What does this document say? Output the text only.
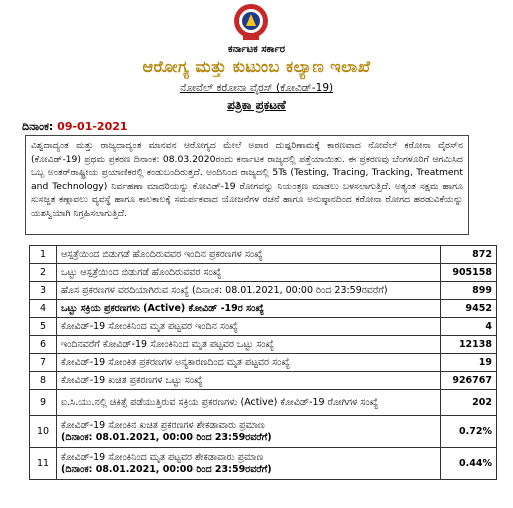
ಕರ್ನಾಟಕ ಸರ್ಕಾರ
ಆರೋಗ್ಯ ಮತ್ತು ಕುಟುಂಬ ಕಲ್ಯಾಣ ಇಲಾಖೆ
ನೋವೆಲ್ ಕರೋನಾ ವೈರಸ್ (ಕೋವಿಡ್-19)
ಪತ್ರಿಕಾ ಪ್ರಕಟಣೆ
ದಿನಾಂಕ: 09-01-2021
ವಿಶ್ವದಾದ್ಯಂತ ಮತ್ತು ರಾಜ್ಯದಾದ್ಯಂತ ಮಾನವನ ಆರೋಗ್ಯದ ಮೇಲೆ ಅಪಾರ ದುಷ್ಪರಿಣಾಮಕ್ಕೆ ಕಾರಣವಾದ ನೋವೆಲ್ ಕರೋನಾ ವೈರಸ್‌ನ (ಕೋವಿಡ್-19) ಪ್ರಥಮ ಪ್ರಕರಣ ದಿನಾಂಕ: 08.03.2020ರಂದು ಕರ್ನಾಟಕ ರಾಜ್ಯದಲ್ಲಿ ಪತ್ತೆಯಾಯಿತು. ಈ ಪ್ರಕರಣವು ಬೆಂಗಳೂರಿಗೆ ಆಗಮಿಸಿದ ಒಬ್ಬ ಅಂತರ್‌ರಾಷ್ಟ್ರೀಯ ಪ್ರಯಾಣಿಕರಲ್ಲಿ ಕಂಡುಬಂದಿರುತ್ತದೆ. ಅಂದಿನಿಂದ ರಾಜ್ಯದಲ್ಲಿ 5Ts (Testing, Tracing, Tracking, Treatment and Technology) ನಿರ್ವಹಣಾ ಮಾದರಿಯನ್ನು ಕೋವಿಡ್-19 ರೋಗವನ್ನು ನಿಯಂತ್ರಣ ಮಾಡಲು ಬಳಸಲಾಗುತ್ತಿದೆ. ಅತ್ಯಂತ ಸಕ್ಷಮ ಹಾಗೂ ಸುಸಜ್ಜತ ಕಣ್ಗಾವಲು ವ್ಯವಸ್ಥೆ ಹಾಗೂ ಕಾಲಕಾಲಕ್ಕೆ ಸಮರ್ಪಕವಾದ ಯೋಜನೆಗಳ ರಚನೆ ಹಾಗೂ ಅನುಷ್ಠಾನದಿಂದ ಕರೋನಾ ರೋಗದ ಹರಡುವಿಕೆಯನ್ನು ಯಶಸ್ವಿಯಾಗಿ ನಿಗ್ರಹಿಸಲಾಗುತ್ತಿದೆ.
1	ಆಸ್ಪತ್ರೆಯಿಂದ ಬಿಡುಗಡೆ ಹೊಂದಿರುವವರ ಇಂದಿನ ಪ್ರಕರಣಗಳ ಸಂಖ್ಯೆ	872
2	ಒಟ್ಟು ಆಸ್ಪತ್ರೆಯಿಂದ ಬಿಡುಗಡೆ ಹೊಂದಿರುವವರ ಸಂಖ್ಯೆ	905158
3	ಹೊಸ ಪ್ರಕರಣಗಳ ವರದಿಯಾಗಿರುವ ಸಂಖ್ಯೆ (ದಿನಾಂಕ: 08.01.2021, 00:00 ರಿಂದ 23:59ರವರೆಗೆ)	899
4	ಒಟ್ಟು ಸಕ್ರಿಯ ಪ್ರಕರಣಗಳು (Active) ಕೋವಿಡ್ -19ರ ಸಂಖ್ಯೆ	9452
5	ಕೋವಿಡ್-19 ಸೋಂಕಿನಿಂದ ಮೃತ ಪಟ್ಟವರ ಇಂದಿನ ಸಂಖ್ಯೆ	4
6	ಇಂದಿನವರೆಗೆ ಕೋವಿಡ್-19 ಸೋಂಕಿನಿಂದ ಮೃತ ಪಟ್ಟವರ ಒಟ್ಟು ಸಂಖ್ಯೆ	12138
7	ಕೋವಿಡ್-19 ಸೋಂಕಿತ ಪ್ರಕರಣಗಳ ಅನ್ಯಕಾರಣದಿಂದ ಮೃತ ಪಟ್ಟವರ ಸಂಖ್ಯೆ	19
8	ಕೋವಿಡ್-19 ಖಚಿತ ಪ್ರಕರಣಗಳ ಒಟ್ಟು ಸಂಖ್ಯೆ	926767
9	ಐ.ಸಿ.ಯು.ನಲ್ಲಿ ಚಿಕಿತ್ಸೆ ಪಡೆಯುತ್ತಿರುವ ಸಕ್ರಿಯ ಪ್ರಕರಣಗಳು (Active) ಕೋವಿಡ್-19 ರೋಗಿಗಳ ಸಂಖ್ಯೆ	202
10	ಕೋವಿಡ್-19 ಸೋಂಕಿನ ಖಚಿತ ಪ್ರಕರಣಗಳ ಶೇಕಡಾವಾರು ಪ್ರಮಾಣ
(ದಿನಾಂಕ: 08.01.2021, 00:00 ರಿಂದ 23:59ರವರೆಗೆ)	0.72%
11	ಕೋವಿಡ್-19 ಸೋಂಕಿನಿಂದ ಮೃತ ಪಟ್ಟವರ ಶೇಕಡಾವಾರು ಪ್ರಮಾಣ
(ದಿನಾಂಕ: 08.01.2021, 00:00 ರಿಂದ 23:59ರವರೆಗೆ)	0.44%
